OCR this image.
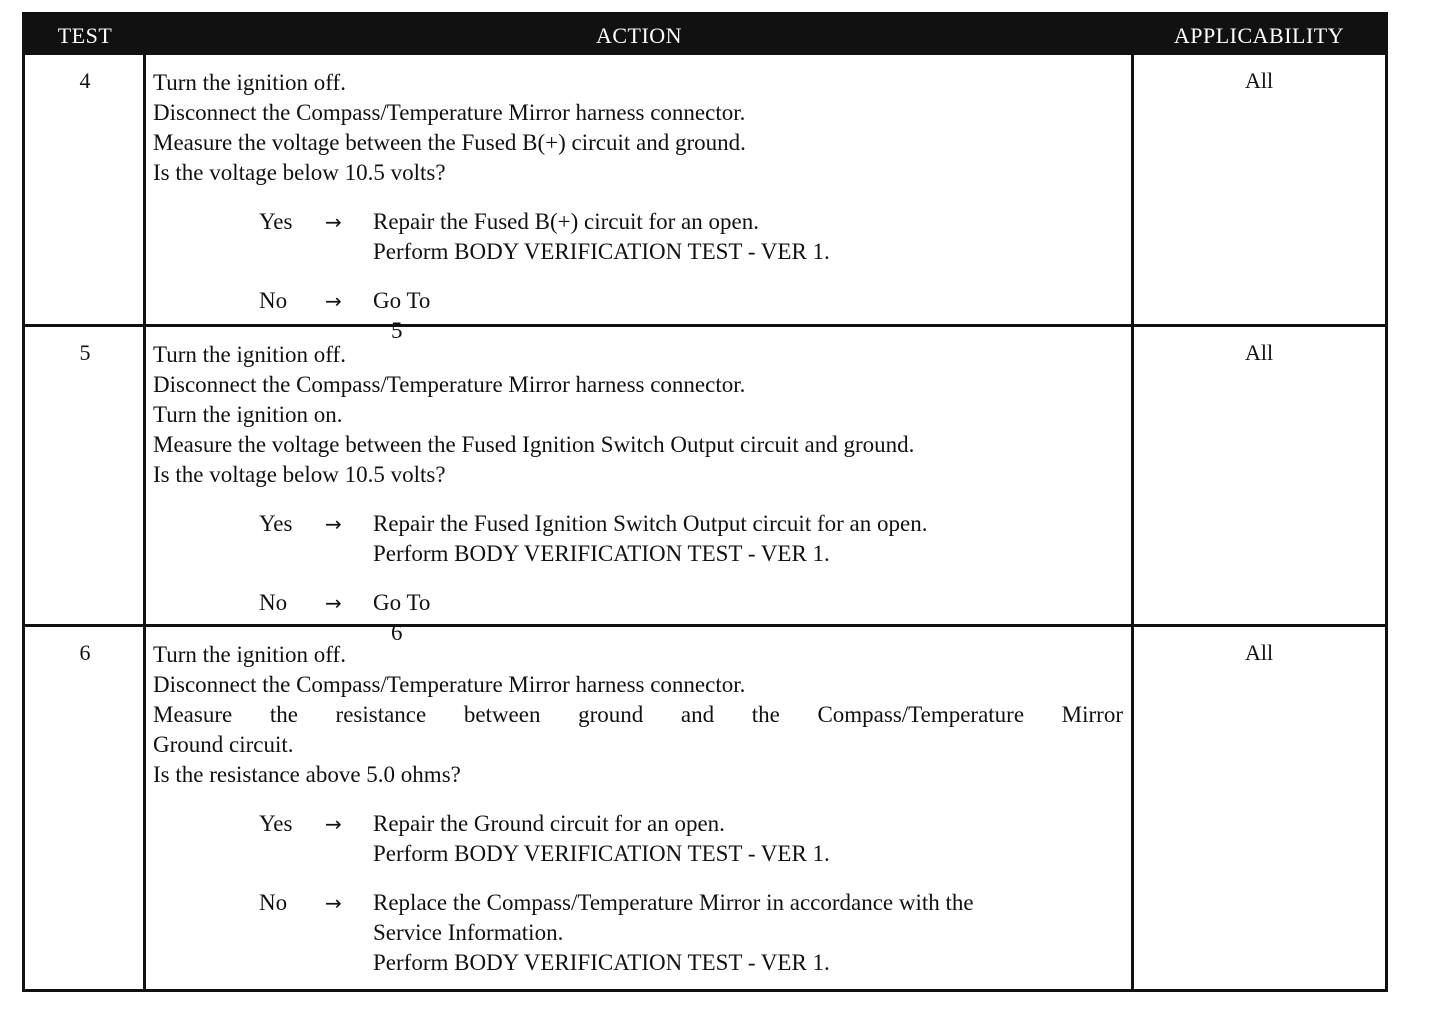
TEST	ACTION	APPLICABILITY
4	Turn the ignition off.
Disconnect the Compass/Temperature Mirror harness connector.
Measure the voltage between the Fused B(+) circuit and ground.
Is the voltage below 10.5 volts?
Yes	→	Repair the Fused B(+) circuit for an open.
Perform BODY VERIFICATION TEST - VER 1.
No	→	Go To
5
All
5	Turn the ignition off.
Disconnect the Compass/Temperature Mirror harness connector.
Turn the ignition on.
Measure the voltage between the Fused Ignition Switch Output circuit and ground.
Is the voltage below 10.5 volts?
Yes	→	Repair the Fused Ignition Switch Output circuit for an open.
Perform BODY VERIFICATION TEST - VER 1.
No	→	Go To
6
All
6	Turn the ignition off.
Disconnect the Compass/Temperature Mirror harness connector.
Measure the resistance between ground and the Compass/Temperature Mirror
Ground circuit.
Is the resistance above 5.0 ohms?
Yes	→	Repair the Ground circuit for an open.
Perform BODY VERIFICATION TEST - VER 1.
No	→	Replace the Compass/Temperature Mirror in accordance with the
Service Information.
Perform BODY VERIFICATION TEST - VER 1.
All
